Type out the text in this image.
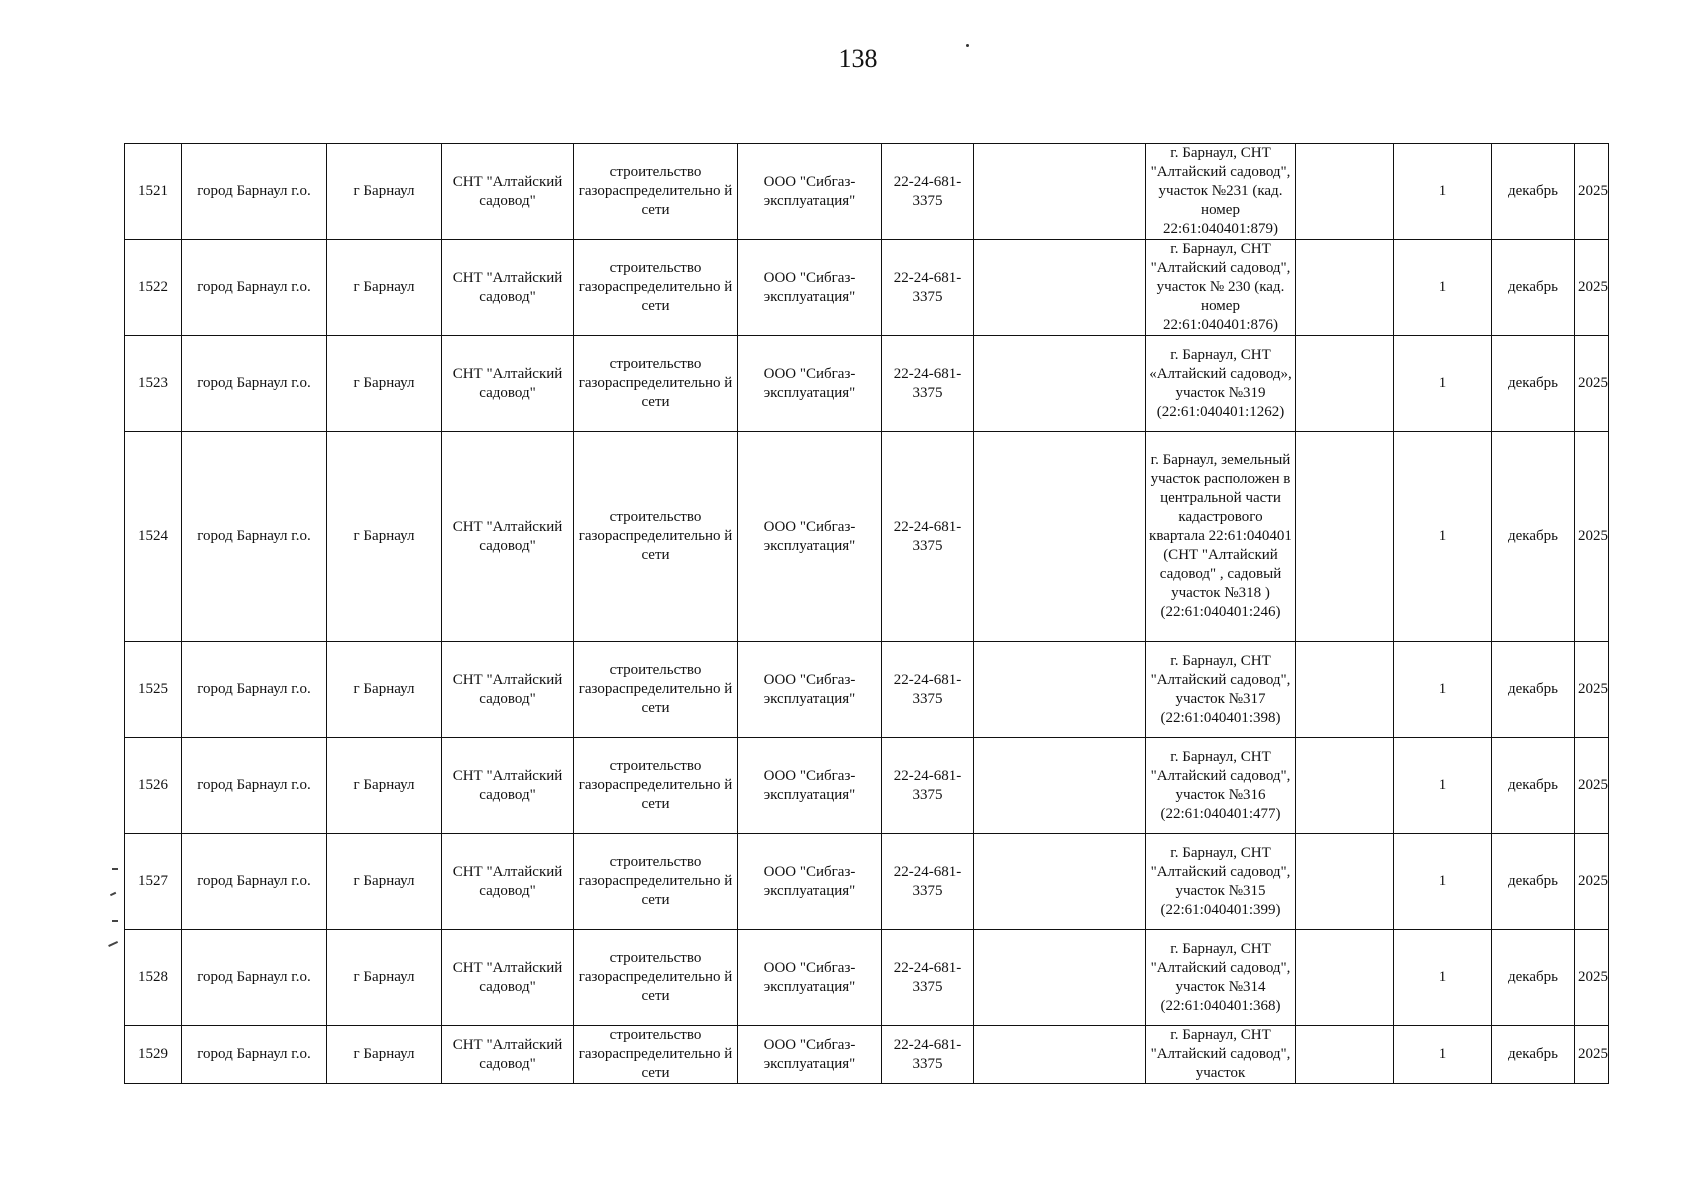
138
1521	город Барнаул г.о.	г Барнаул	СНТ "Алтайский садовод"	строительство газораспределительно й сети	ООО "Сибгаз-эксплуатация"	22-24-681-3375		г. Барнаул, СНТ "Алтайский садовод", участок №231 (кад. номер 22:61:040401:879)		1	декабрь	2025
1522	город Барнаул г.о.	г Барнаул	СНТ "Алтайский садовод"	строительство газораспределительно й сети	ООО "Сибгаз-эксплуатация"	22-24-681-3375		г. Барнаул, СНТ "Алтайский садовод", участок № 230 (кад. номер 22:61:040401:876)		1	декабрь	2025
1523	город Барнаул г.о.	г Барнаул	СНТ "Алтайский садовод"	строительство газораспределительно й сети	ООО "Сибгаз-эксплуатация"	22-24-681-3375		г. Барнаул, СНТ «Алтайский садовод», участок №319 (22:61:040401:1262)		1	декабрь	2025
1524	город Барнаул г.о.	г Барнаул	СНТ "Алтайский садовод"	строительство газораспределительно й сети	ООО "Сибгаз-эксплуатация"	22-24-681-3375		г. Барнаул, земельный участок расположен в центральной части кадастрового квартала 22:61:040401 (СНТ "Алтайский садовод" , садовый участок №318 ) (22:61:040401:246)		1	декабрь	2025
1525	город Барнаул г.о.	г Барнаул	СНТ "Алтайский садовод"	строительство газораспределительно й сети	ООО "Сибгаз-эксплуатация"	22-24-681-3375		г. Барнаул, СНТ "Алтайский садовод", участок №317 (22:61:040401:398)		1	декабрь	2025
1526	город Барнаул г.о.	г Барнаул	СНТ "Алтайский садовод"	строительство газораспределительно й сети	ООО "Сибгаз-эксплуатация"	22-24-681-3375		г. Барнаул, СНТ "Алтайский садовод", участок №316 (22:61:040401:477)		1	декабрь	2025
1527	город Барнаул г.о.	г Барнаул	СНТ "Алтайский садовод"	строительство газораспределительно й сети	ООО "Сибгаз-эксплуатация"	22-24-681-3375		г. Барнаул, СНТ "Алтайский садовод", участок №315 (22:61:040401:399)		1	декабрь	2025
1528	город Барнаул г.о.	г Барнаул	СНТ "Алтайский садовод"	строительство газораспределительно й сети	ООО "Сибгаз-эксплуатация"	22-24-681-3375		г. Барнаул, СНТ "Алтайский садовод", участок №314 (22:61:040401:368)		1	декабрь	2025
1529	город Барнаул г.о.	г Барнаул	СНТ "Алтайский садовод"	строительство газораспределительно й сети	ООО "Сибгаз-эксплуатация"	22-24-681-3375		г. Барнаул, СНТ "Алтайский садовод", участок		1	декабрь	2025
